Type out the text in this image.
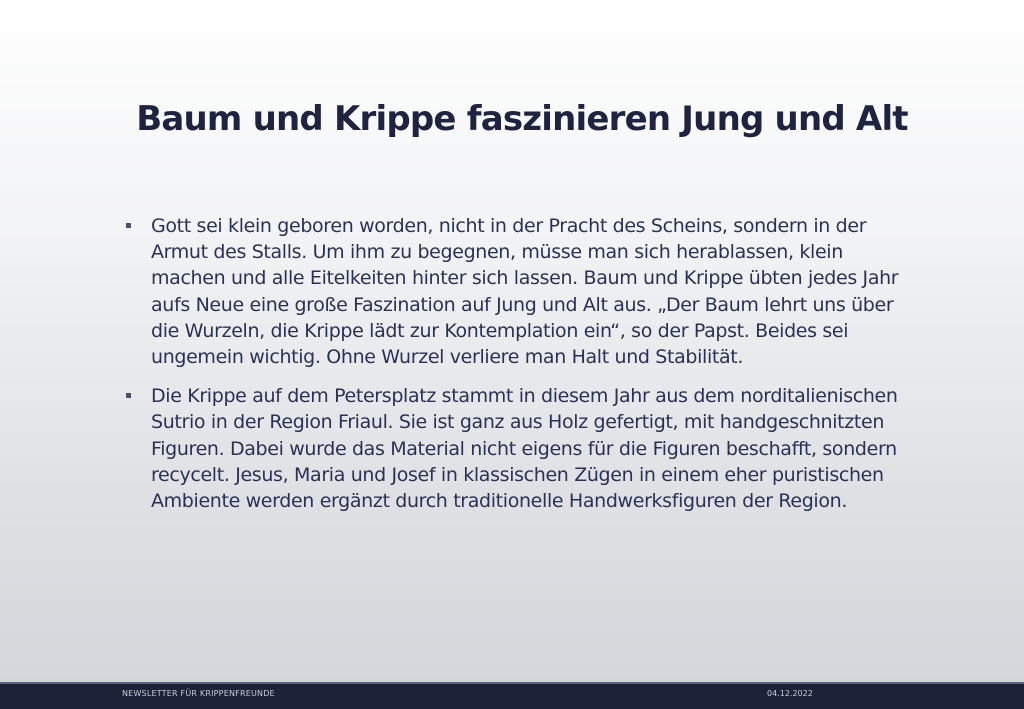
Baum und Krippe faszinieren Jung und Alt
Gott sei klein geboren worden, nicht in der Pracht des Scheins, sondern in der Armut des Stalls. Um ihm zu begegnen, müsse man sich herablassen, klein machen und alle Eitelkeiten hinter sich lassen. Baum und Krippe übten jedes Jahr aufs Neue eine große Faszination auf Jung und Alt aus. „Der Baum lehrt uns über die Wurzeln, die Krippe lädt zur Kontemplation ein“, so der Papst. Beides sei ungemein wichtig. Ohne Wurzel verliere man Halt und Stabilität.
Die Krippe auf dem Petersplatz stammt in diesem Jahr aus dem norditalienischen Sutrio in der Region Friaul. Sie ist ganz aus Holz gefertigt, mit handgeschnitzten Figuren. Dabei wurde das Material nicht eigens für die Figuren beschafft, sondern recycelt. Jesus, Maria und Josef in klassischen Zügen in einem eher puristischen Ambiente werden ergänzt durch traditionelle Handwerksfiguren der Region.
NEWSLETTER FÜR KRIPPENFREUNDE	04.12.2022
